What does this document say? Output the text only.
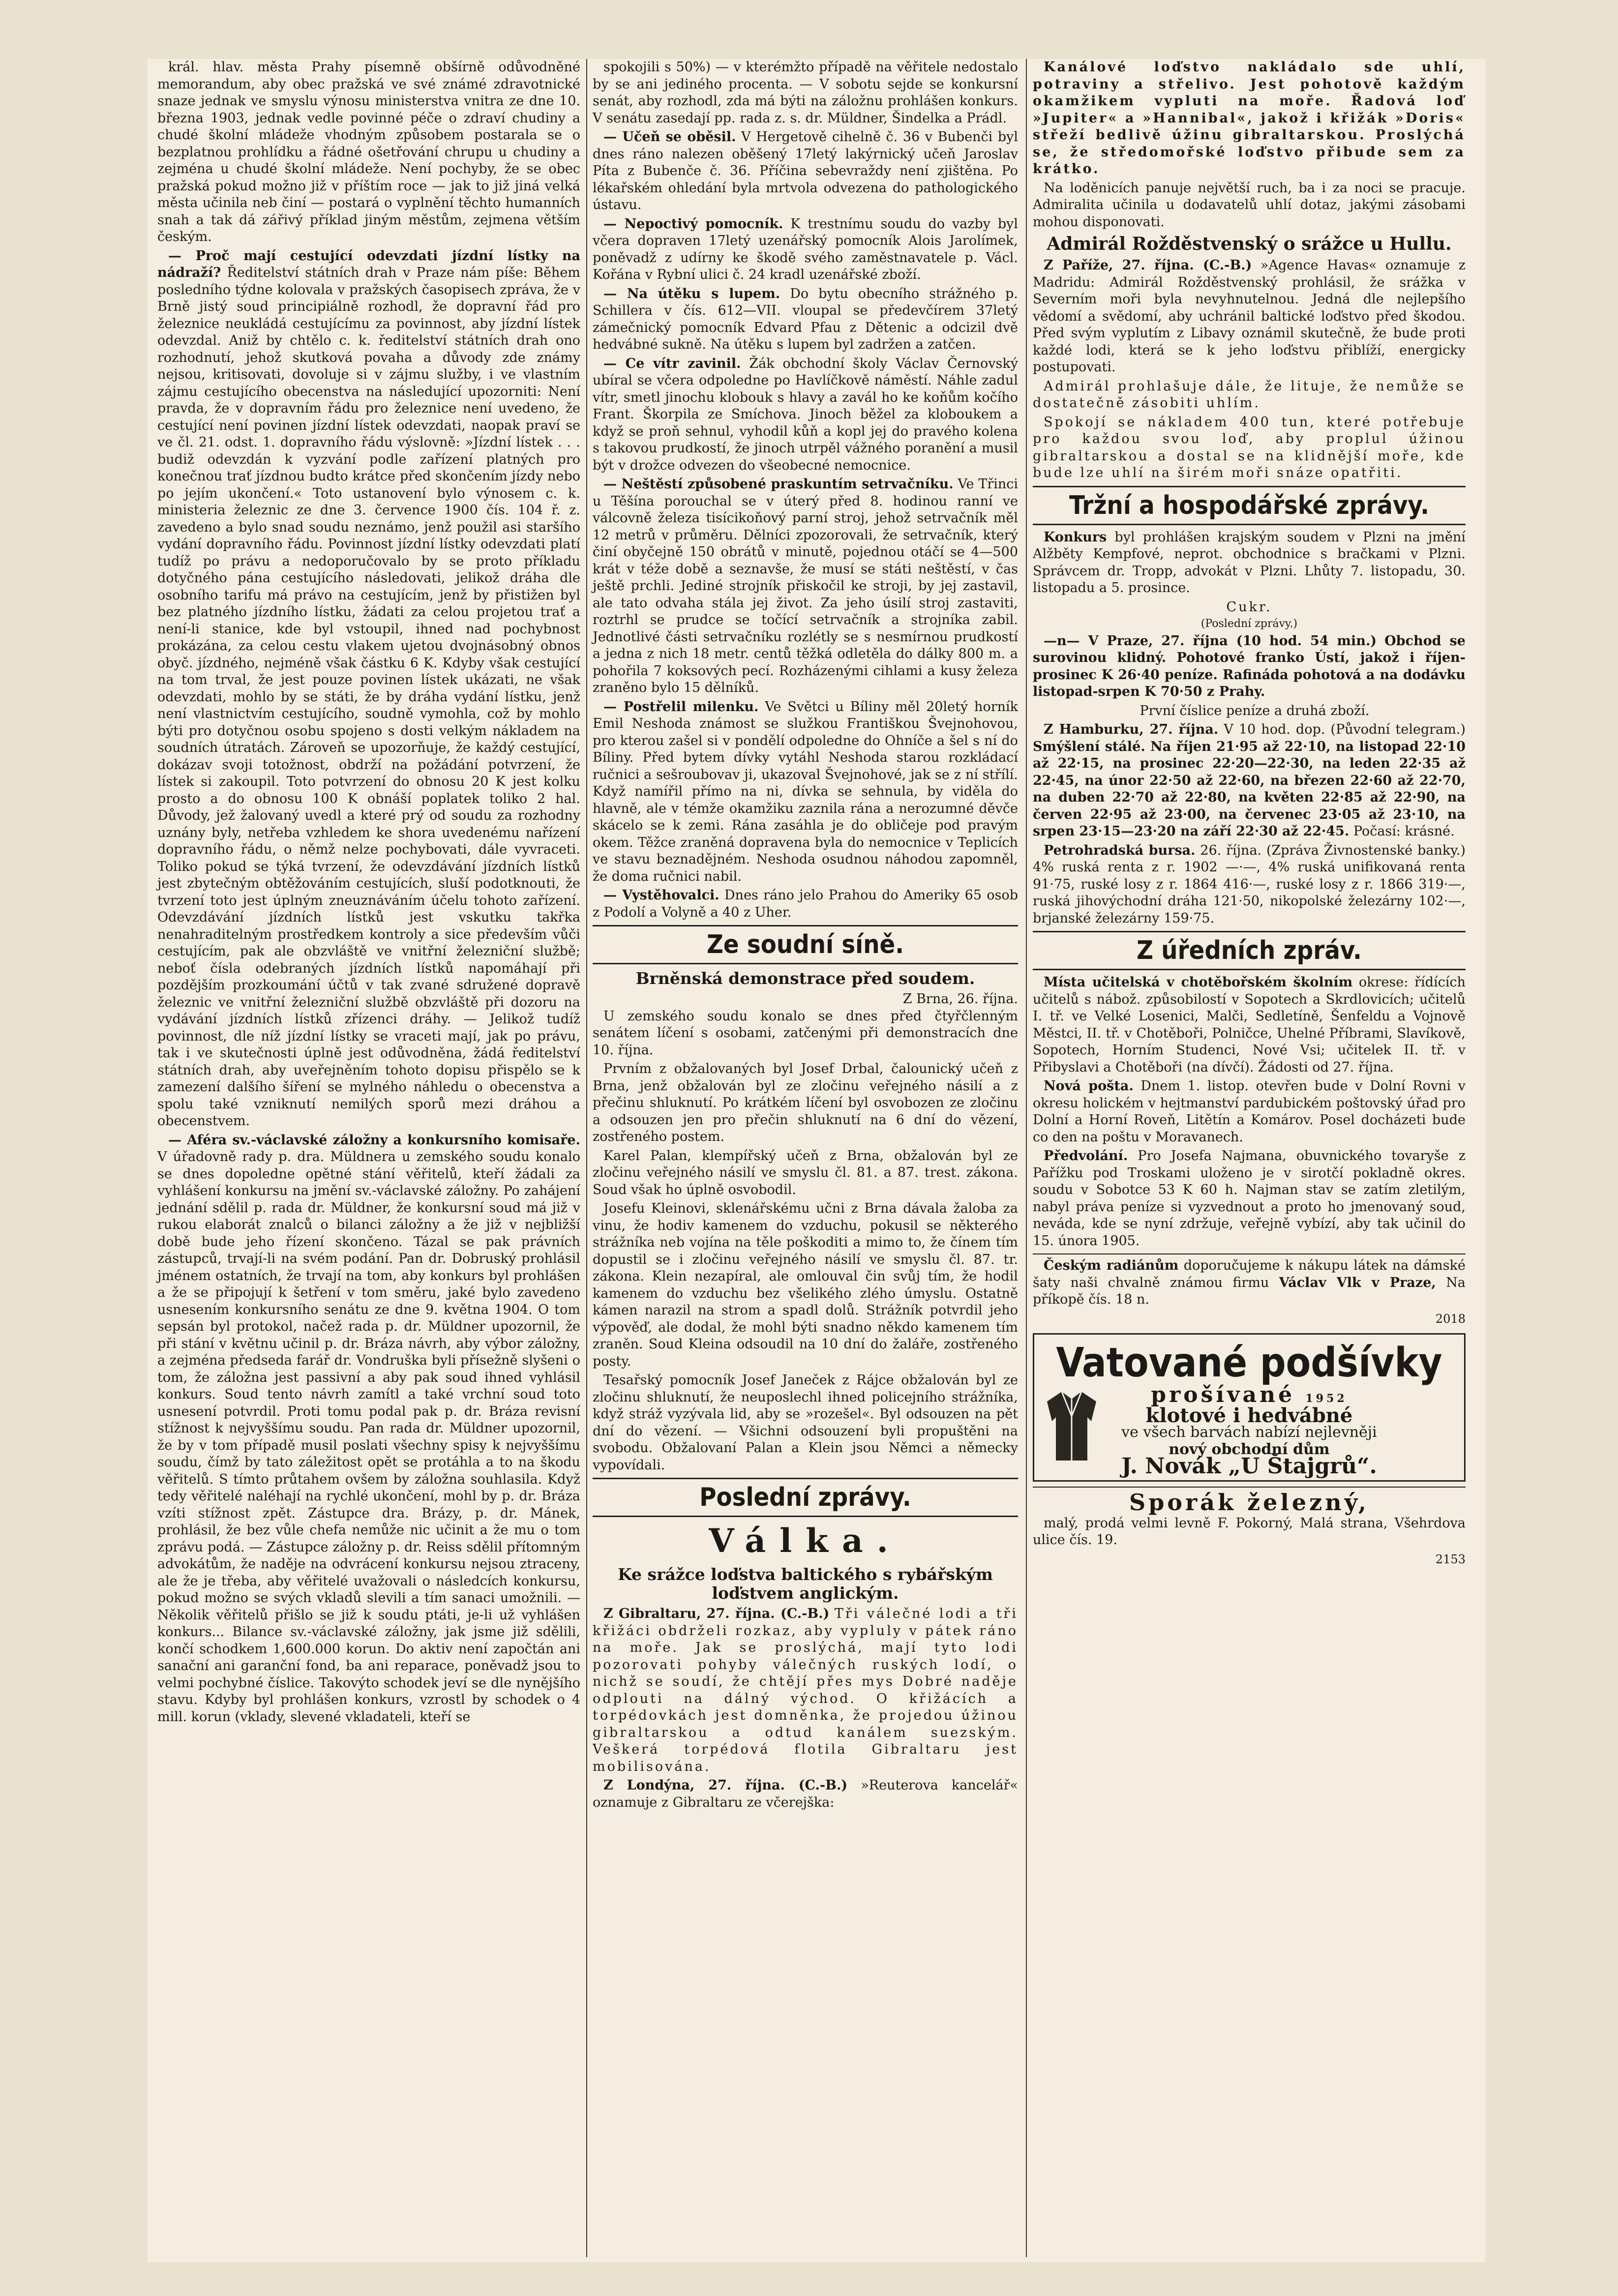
král. hlav. města Prahy písemně obšírně odůvodněné memorandum, aby obec pražská ve své známé zdravotnické snaze jednak ve smyslu výnosu ministerstva vnitra ze dne 10. března 1903, jednak vedle povinné péče o zdraví chudiny a chudé školní mládeže vhodným způsobem postarala se o bezplatnou prohlídku a řádné ošetřování chrupu u chudiny a zejména u chudé školní mládeže. Není pochyby, že se obec pražská pokud možno již v příštím roce — jak to již jiná velká města učinila neb činí — postará o vyplnění těchto humanních snah a tak dá zářivý příklad jiným městům, zejmena větším českým.

— Proč mají cestující odevzdati jízdní lístky na nádraží? Ředitelství státních drah v Praze nám píše: Během posledního týdne kolovala v pražských časopisech zpráva, že v Brně jistý soud principiálně rozhodl, že dopravní řád pro železnice neukládá cestujícímu za povinnost, aby jízdní lístek odevzdal. Aniž by chtělo c. k. ředitelství státních drah ono rozhodnutí, jehož skutková povaha a důvody zde známy nejsou, kritisovati, dovoluje si v zájmu služby, i ve vlastním zájmu cestujícího obecenstva na následující upozorniti: Není pravda, že v dopravním řádu pro železnice není uvedeno, že cestující není povinen jízdní lístek odevzdati, naopak praví se ve čl. 21. odst. 1. dopravního řádu výslovně: »Jízdní lístek . . . budiž odevzdán k vyzvání podle zařízení platných pro konečnou trať jízdnou budto krátce před skončením jízdy nebo po jejím ukončení.« Toto ustanovení bylo výnosem c. k. ministeria železnic ze dne 3. července 1900 čís. 104 ř. z. zavedeno a bylo snad soudu neznámo, jenž použil asi staršího vydání dopravního řádu. Povinnost jízdní lístky odevzdati platí tudíž po právu a nedoporučovalo by se proto příkladu dotyčného pána cestujícího následovati, jelikož dráha dle osobního tarifu má právo na cestujícím, jenž by přistižen byl bez platného jízdního lístku, žádati za celou projetou trať a není-li stanice, kde byl vstoupil, ihned nad pochybnost prokázána, za celou cestu vlakem ujetou dvojnásobný obnos obyč. jízdného, nejméně však částku 6 K. Kdyby však cestující na tom trval, že jest pouze povinen lístek ukázati, ne však odevzdati, mohlo by se státi, že by dráha vydání lístku, jenž není vlastnictvím cestujícího, soudně vymohla, což by mohlo býti pro dotyčnou osobu spojeno s dosti velkým nákladem na soudních útratách. Zároveň se upozorňuje, že každý cestující, dokázav svoji totožnost, obdrží na požádání potvrzení, že lístek si zakoupil. Toto potvrzení do obnosu 20 K jest kolku prosto a do obnosu 100 K obnáší poplatek toliko 2 hal. Důvody, jež žalovaný uvedl a které prý od soudu za rozhodny uznány byly, netřeba vzhledem ke shora uvedenému nařízení dopravního řádu, o němž nelze pochybovati, dále vyvraceti. Toliko pokud se týká tvrzení, že odevzdávání jízdních lístků jest zbytečným obtěžováním cestujících, sluší podotknouti, že tvrzení toto jest úplným zneuznáváním účelu tohoto zařízení. Odevzdávání jízdních lístků jest vskutku takřka nenahraditelným prostředkem kontroly a sice především vůči cestujícím, pak ale obzvláště ve vnitřní železniční službě; neboť čísla odebraných jízdních lístků napomáhají při pozdějším prozkoumání účtů v tak zvané sdružené dopravě železnic ve vnitřní železniční službě obzvláště při dozoru na vydávání jízdních lístků zřízenci dráhy. — Jelikož tudíž povinnost, dle níž jízdní lístky se vraceti mají, jak po právu, tak i ve skutečnosti úplně jest odůvodněna, žádá ředitelství státních drah, aby uveřejněním tohoto dopisu přispělo se k zamezení dalšího šíření se mylného náhledu o obecenstva a spolu také vzniknutí nemilých sporů mezi dráhou a obecenstvem.

— Aféra sv.-václavské záložny a konkursního komisaře. V úřadovně rady p. dra. Müldnera u zemského soudu konalo se dnes dopoledne opětné stání věřitelů, kteří žádali za vyhlášení konkursu na jmění sv.-václavské záložny. Po zahájení jednání sdělil p. rada dr. Müldner, že konkursní soud má již v rukou elaborát znalců o bilanci záložny a že již v nejbližší době bude jeho řízení skončeno. Tázal se pak právních zástupců, trvají-li na svém podání. Pan dr. Dobruský prohlásil jménem ostatních, že trvají na tom, aby konkurs byl prohlášen a že se připojují k šetření v tom směru, jaké bylo zavedeno usnesením konkursního senátu ze dne 9. května 1904. O tom sepsán byl protokol, načež rada p. dr. Müldner upozornil, že při stání v květnu učinil p. dr. Bráza návrh, aby výbor záložny, a zejména předseda farář dr. Vondruška byli přísežně slyšeni o tom, že záložna jest passivní a aby pak soud ihned vyhlásil konkurs. Soud tento návrh zamítl a také vrchní soud toto usnesení potvrdil. Proti tomu podal pak p. dr. Bráza revisní stížnost k nejvyššímu soudu. Pan rada dr. Müldner upozornil, že by v tom případě musil poslati všechny spisy k nejvyššímu soudu, čímž by tato záležitost opět se protáhla a to na škodu věřitelů. S tímto průtahem ovšem by záložna souhlasila. Když tedy věřitelé naléhají na rychlé ukončení, mohl by p. dr. Bráza vzíti stížnost zpět. Zástupce dra. Brázy, p. dr. Mánek, prohlásil, že bez vůle chefa nemůže nic učinit a že mu o tom zprávu podá. — Zástupce záložny p. dr. Reiss sdělil přítomným advokátům, že naděje na odvrácení konkursu nejsou ztraceny, ale že je třeba, aby věřitelé uvažovali o následcích konkursu, pokud možno se svých vkladů slevili a tím sanaci umožnili. — Několik věřitelů přišlo se již k soudu ptáti, je-li už vyhlášen konkurs... Bilance sv.-václavské záložny, jak jsme již sdělili, končí schodkem 1,600.000 korun. Do aktiv není započtán ani sanační ani garanční fond, ba ani reparace, poněvadž jsou to velmi pochybné číslice. Takovýto schodek jeví se dle nynějšího stavu. Kdyby byl prohlášen konkurs, vzrostl by schodek o 4 mill. korun (vklady, slevené vkladateli, kteří se

spokojili s 50%) — v kterémžto případě na věřitele nedostalo by se ani jediného procenta. — V sobotu sejde se konkursní senát, aby rozhodl, zda má býti na záložnu prohlášen konkurs. V senátu zasedají pp. rada z. s. dr. Müldner, Šindelka a Prádl.

— Učeň se oběsil. V Hergetově cihelně č. 36 v Bubenči byl dnes ráno nalezen oběšený 17letý lakýrnický učeň Jaroslav Píta z Bubenče č. 36. Příčina sebevraždy není zjištěna. Po lékařském ohledání byla mrtvola odvezena do pathologického ústavu.

— Nepoctivý pomocník. K trestnímu soudu do vazby byl včera dopraven 17letý uzenářský pomocník Alois Jarolímek, poněvadž z udírny ke škodě svého zaměstnavatele p. Václ. Kořána v Rybní ulici č. 24 kradl uzenářské zboží.

— Na útěku s lupem. Do bytu obecního strážného p. Schillera v čís. 612—VII. vloupal se předevčírem 37letý zámečnický pomocník Edvard Pfau z Dětenic a odcizil dvě hedvábné sukně. Na útěku s lupem byl zadržen a zatčen.

— Ce vítr zavinil. Žák obchodní školy Václav Černovský ubíral se včera odpoledne po Havlíčkově náměstí. Náhle zadul vítr, smetl jinochu klobouk s hlavy a zavál ho ke koňům kočího Frant. Škorpila ze Smíchova. Jinoch běžel za kloboukem a když se proň sehnul, vyhodil kůň a kopl jej do pravého kolena s takovou prudkostí, že jinoch utrpěl vážného poranění a musil být v drožce odvezen do všeobecné nemocnice.

— Neštěstí způsobené praskuntím setrvačníku. Ve Třinci u Těšína porouchal se v úterý před 8. hodinou ranní ve válcovně železa tisícikoňový parní stroj, jehož setrvačník měl 12 metrů v průměru. Dělníci zpozorovali, že setrvačník, který činí obyčejně 150 obrátů v minutě, pojednou otáčí se 4—500 krát v téže době a seznavše, že musí se státi neštěstí, v čas ještě prchli. Jediné strojník přiskočil ke stroji, by jej zastavil, ale tato odvaha stála jej život. Za jeho úsilí stroj zastaviti, roztrhl se prudce se točící setrvačník a strojníka zabil. Jednotlivé části setrvačníku rozlétly se s nesmírnou prudkostí a jedna z nich 18 metr. centů těžká odletěla do dálky 800 m. a pohořila 7 koksových pecí. Rozházenými cihlami a kusy železa zraněno bylo 15 dělníků.

— Postřelil milenku. Ve Světci u Bíliny měl 20letý horník Emil Neshoda známost se služkou Františkou Švejnohovou, pro kterou zašel si v pondělí odpoledne do Ohníče a šel s ní do Bíliny. Před bytem dívky vytáhl Neshoda starou rozkládací ručnici a sešroubovav ji, ukazoval Švejnohové, jak se z ní střílí. Když namířil přímo na ni, dívka se sehnula, by viděla do hlavně, ale v témže okamžiku zaznila rána a nerozumné děvče skácelo se k zemi. Rána zasáhla je do obličeje pod pravým okem. Těžce zraněná dopravena byla do nemocnice v Teplicích ve stavu beznadějném. Neshoda osudnou náhodou zapomněl, že doma ručnici nabil.

— Vystěhovalci. Dnes ráno jelo Prahou do Ameriky 65 osob z Podolí a Volyně a 40 z Uher.

Ze soudní síně.
Brněnská demonstrace před soudem.
Z Brna, 26. října.

U zemského soudu konalo se dnes před čtyřčlenným senátem líčení s osobami, zatčenými při demonstracích dne 10. října.

Prvním z obžalovaných byl Josef Drbal, čalounický učeň z Brna, jenž obžalován byl ze zločinu veřejného násilí a z přečinu shluknutí. Po krátkém líčení byl osvobozen ze zločinu a odsouzen jen pro přečin shluknutí na 6 dní do vězení, zostřeného postem.

Karel Palan, klempířský učeň z Brna, obžalován byl ze zločinu veřejného násilí ve smyslu čl. 81. a 87. trest. zákona. Soud však ho úplně osvobodil.

Josefu Kleinovi, sklenářskému učni z Brna dávala žaloba za vinu, že hodiv kamenem do vzduchu, pokusil se některého strážníka neb vojína na těle poškoditi a mimo to, že čínem tím dopustil se i zločinu veřejného násilí ve smyslu čl. 87. tr. zákona. Klein nezapíral, ale omlouval čin svůj tím, že hodil kamenem do vzduchu bez všelikého zlého úmyslu. Ostatně kámen narazil na strom a spadl dolů. Strážník potvrdil jeho výpověď, ale dodal, že mohl býti snadno někdo kamenem tím zraněn. Soud Kleina odsoudil na 10 dní do žaláře, zostřeného posty.

Tesařský pomocník Josef Janeček z Rájce obžalován byl ze zločinu shluknutí, že neuposlechl ihned policejního strážníka, když stráž vyzývala lid, aby se »rozešel«. Byl odsouzen na pět dní do vězení. — Všichni odsouzení byli propuštěni na svobodu. Obžalovaní Palan a Klein jsou Němci a německy vypovídali.

Poslední zprávy.
Válka.
Ke srážce loďstva baltického s rybářským loďstvem anglickým.

Z Gibraltaru, 27. října. (C.-B.) Tři válečné lodi a tři křižáci obdrželi rozkaz, aby vypluly v pátek ráno na moře. Jak se proslýchá, mají tyto lodi pozorovati pohyby válečných ruských lodí, o nichž se soudí, že chtějí přes mys Dobré naděje odplouti na dálný východ. O křižácích a torpédovkách jest domněnka, že projedou úžinou gibraltarskou a odtud kanálem suezským. Veškerá torpédová flotila Gibraltaru jest mobilisována.

Z Londýna, 27. října. (C.-B.) »Reuterova kancelář« oznamuje z Gibraltaru ze včerejška:

Kanálové loďstvo nakládalo sde uhlí, potraviny a střelivo. Jest pohotově každým okamžikem vypluti na moře. Řadová loď »Jupiter« a »Hannibal«, jakož i křižák »Doris« střeží bedlivě úžinu gibraltarskou. Proslýchá se, že středomořské loďstvo přibude sem za krátko.

Na loděnicích panuje největší ruch, ba i za noci se pracuje. Admiralita učinila u dodavatelů uhlí dotaz, jakými zásobami mohou disponovati.

Admirál Rožděstvenský o srážce u Hullu.

Z Paříže, 27. října. (C.-B.) »Agence Havas« oznamuje z Madridu: Admirál Rožděstvenský prohlásil, že srážka v Severním moři byla nevyhnutelnou. Jedná dle nejlepšího vědomí a svědomí, aby uchránil baltické loďstvo před škodou. Před svým vyplutím z Libavy oznámil skutečně, že bude proti každé lodi, která se k jeho loďstvu přiblíží, energicky postupovati.

Admirál prohlašuje dále, že lituje, že nemůže se dostatečně zásobiti uhlím.

Spokojí se nákladem 400 tun, které potřebuje pro každou svou loď, aby proplul úžinou gibraltarskou a dostal se na klidnější moře, kde bude lze uhlí na širém moři snáze opatřiti.

Tržní a hospodářské zprávy.

Konkurs byl prohlášen krajským soudem v Plzni na jmění Alžběty Kempfové, neprot. obchodnice s bračkami v Plzni. Správcem dr. Tropp, advokát v Plzni. Lhůty 7. listopadu, 30. listopadu a 5. prosince.

Cukr.
(Poslední zprávy.)

—n— V Praze, 27. října (10 hod. 54 min.) Obchod se surovinou klidný. Pohotové franko Ústí, jakož i říjen-prosinec K 26·40 peníze. Rafináda pohotová a na dodávku listopad-srpen K 70·50 z Prahy.

První číslice peníze a druhá zboží.

Z Hamburku, 27. října. V 10 hod. dop. (Původní telegram.) Smýšlení stálé. Na říjen 21·95 až 22·10, na listopad 22·10 až 22·15, na prosinec 22·20—22·30, na leden 22·35 až 22·45, na únor 22·50 až 22·60, na březen 22·60 až 22·70, na duben 22·70 až 22·80, na květen 22·85 až 22·90, na červen 22·95 až 23·00, na červenec 23·05 až 23·10, na srpen 23·15—23·20 na září 22·30 až 22·45. Počasí: krásné.

Petrohradská bursa. 26. října. (Zpráva Živnostenské banky.) 4% ruská renta z r. 1902 —·—, 4% ruská unifikovaná renta 91·75, ruské losy z r. 1864 416·—, ruské losy z r. 1866 319·—, ruská jihovýchodní dráha 121·50, nikopolské železárny 102·—, brjanské železárny 159·75.

Z úředních zpráv.

Místa učitelská v chotěbořském školním okrese: řídících učitelů s nábož. způsobilostí v Sopotech a Skrdlovicích; učitelů I. tř. ve Velké Losenici, Malči, Sedletíně, Šenfeldu a Vojnově Městci, II. tř. v Chotěboři, Polničce, Uhelné Příbrami, Slavíkově, Sopotech, Horním Studenci, Nové Vsi; učitelek II. tř. v Přibyslavi a Chotěboři (na dívčí). Žádosti od 27. října.

Nová pošta. Dnem 1. listop. otevřen bude v Dolní Rovni v okresu holickém v hejtmanství pardubickém poštovský úřad pro Dolní a Horní Roveň, Litětín a Komárov. Posel docházeti bude co den na poštu v Moravanech.

Předvolání. Pro Josefa Najmana, obuvnického tovaryše z Pařížku pod Troskami uloženo je v sirotčí pokladně okres. soudu v Sobotce 53 K 60 h. Najman stav se zatím zletilým, nabyl práva peníze si vyzvednout a proto ho jmenovaný soud, neváda, kde se nyní zdržuje, veřejně vybízí, aby tak učinil do 15. února 1905.

Českým radiánům doporučujeme k nákupu látek na dámské šaty naši chvalně známou firmu Václav Vlk v Praze, Na příkopě čís. 18 n.

2018
Vatované podšívky
prošívané 1952
klotové i hedvábné
ve všech barvách nabízí nejlevněji
nový obchodní dům
J. Novák „U Štajgrů“.
Sporák železný,

malý, prodá velmi levně F. Pokorný, Malá strana, Všehrdova ulice čís. 19.

2153
